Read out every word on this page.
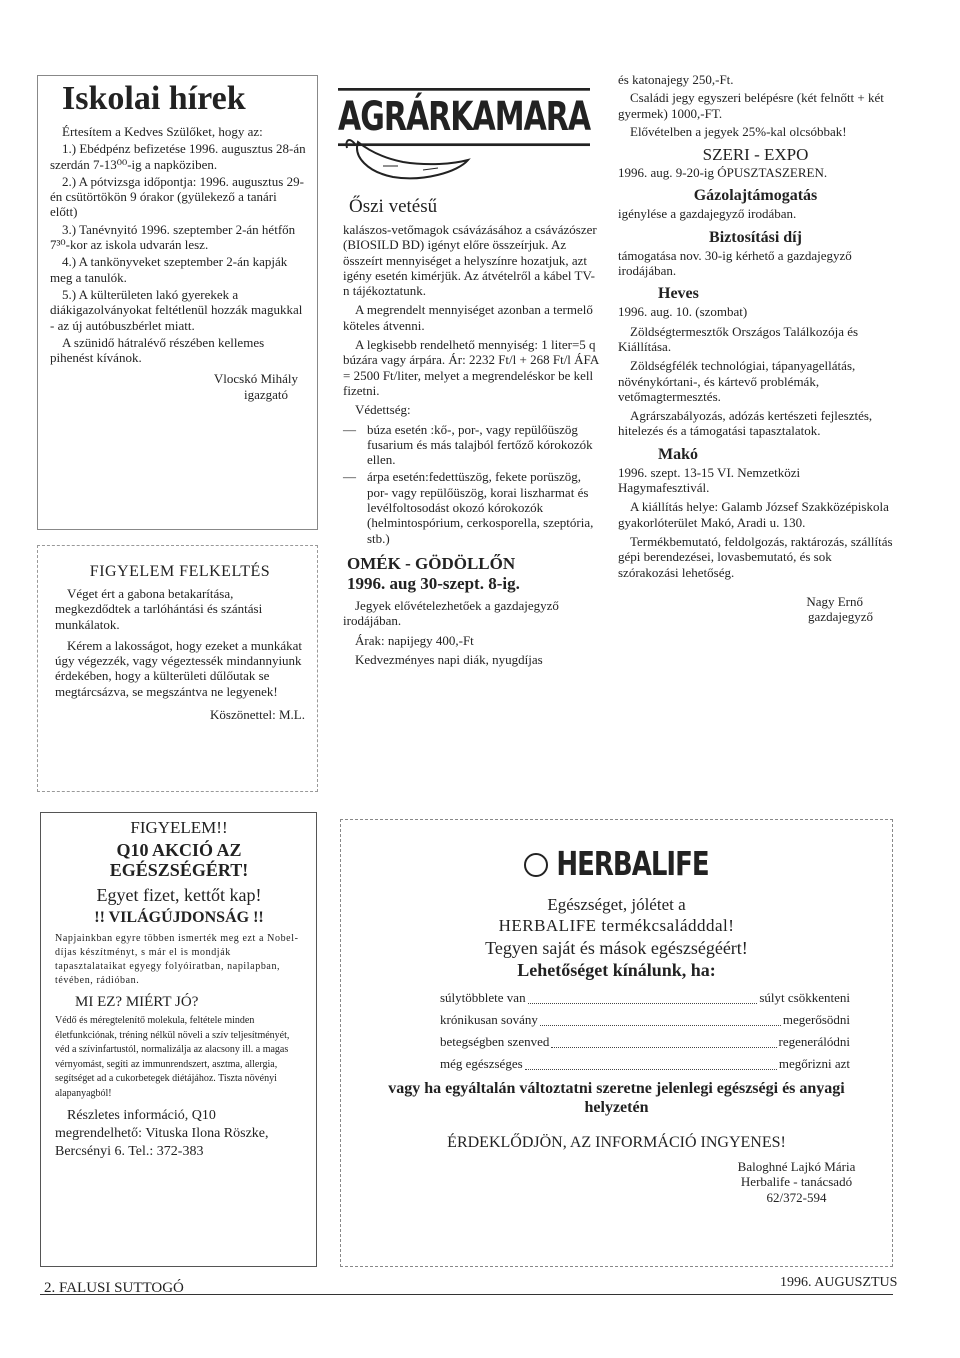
Iskolai hírek

Értesítem a Kedves Szülőket, hogy az:

1.) Ebédpénz befizetése 1996. augusztus 28-án szerdán 7-13⁰⁰-ig a napköziben.

2.) A pótvizsga időpontja: 1996. augusztus 29-én csütörtökön 9 órakor (gyülekező a tanári előtt)

3.) Tanévnyitó 1996. szeptember 2-án hétfőn 7³⁰-kor az iskola udvarán lesz.

4.) A tankönyveket szeptember 2-án kapják meg a tanulók.

5.) A külterületen lakó gyerekek a diákigazolványokat feltétlenül hozzák magukkal - az új autóbuszbérlet miatt.

A szünidő hátralévő részében kellemes pihenést kívánok.

Vlocskó Mihály

igazgató

FIGYELEM FELKELTÉS

Véget ért a gabona betakarítása, megkezdődtek a tarlóhántási és szántási munkálatok.

Kérem a lakosságot, hogy ezeket a munkákat úgy végezzék, vagy végeztessék mindannyiunk érdekében, hogy a külterületi dűlőutak se megtárcsázva, se megszántva ne legyenek!

Köszönettel: M.L.

AGRÁRKAMARA
Őszi vetésű

kalászos-vetőmagok csávázásához a csávázószer (BIOSILD BD) igényt előre összeírjuk. Az összeírt mennyiséget a helyszínre hozatjuk, azt igény esetén kimérjük. Az átvételről a kábel TV-n tájékoztatunk.

A megrendelt mennyiséget azonban a termelő köteles átvenni.

A legkisebb rendelhető mennyiség: 1 liter=5 q búzára vagy árpára. Ár: 2232 Ft/l + 268 Ft/l ÁFA = 2500 Ft/liter, melyet a megrendeléskor be kell fizetni.

Védettség:

— búza esetén :kő-, por-, vagy repülőüszög fusarium és más talajból fertőző kórokozók ellen.
— árpa esetén:fedettüszög, fekete porüszög, por- vagy repülőüszög, korai liszharmat és levélfoltosodást okozó kórokozók (helmintospórium, cerkosporella, szeptória, stb.)
OMÉK - GÖDÖLLŐN
1996. aug 30-szept. 8-ig.

Jegyek elővételezhetőek a gazdajegyző irodájában.

Árak: napijegy 400,-Ft

Kedvezményes napi diák, nyugdíjas

és katonajegy 250,-Ft.

Családi jegy egyszeri belépésre (két felnőtt + két gyermek) 1000,-FT.

Elővételben a jegyek 25%-kal olcsóbbak!

SZERI - EXPO

1996. aug. 9-20-ig ÓPUSZTASZEREN.

Gázolajtámogatás

igénylése a gazdajegyző irodában.

Biztosítási díj

támogatása nov. 30-ig kérhető a gazdajegyző irodájában.

Heves

1996. aug. 10. (szombat)

Zöldségtermesztők Országos Találkozója és Kiállítása.

Zöldségfélék technológiai, tápanyagellátás, növénykórtani-, és kártevő problémák, vetőmagtermesztés.

Agrárszabályozás, adózás kertészeti fejlesztés, hitelezés és a támogatási tapasztalatok.

Makó

1996. szept. 13-15 VI. Nemzetközi Hagymafesztivál.

A kiállítás helye: Galamb József Szakközépiskola gyakorlóterület Makó, Aradi u. 130.

Termékbemutató, feldolgozás, raktározás, szállítás gépi berendezései, lovasbemutató, és sok szórakozási lehetőség.

Nagy Ernő

gazdajegyző

FIGYELEM!!
Q10 AKCIÓ AZ EGÉSZSÉGÉRT!
Egyet fizet, kettőt kap!
!! VILÁGÚJDONSÁG !!

Napjainkban egyre többen ismerték meg ezt a Nobel-díjas készítményt, s már el is mondják tapasztalataikat egyegy folyóiratban, napilapban, tévében, rádióban.

MI EZ? MIÉRT JÓ?

Védő és méregtelenítő molekula, feltétele minden életfunkciónak, tréning nélkül növeli a szív teljesítményét, véd a szívinfartustól, normalizálja az alacsony ill. a magas vérnyomást, segíti az immunrendszert, asztma, allergia, segítséget ad a cukorbetegek diétájához. Tiszta növényi alapanyagból!

Részletes információ, Q10 megrendelhető: Vituska Ilona Röszke, Bercsényi 6. Tel.: 372-383

HERBALIFE
Egészséget, jólétet a
HERBALIFE termékcsaládddal!
Tegyen saját és mások egészségéért!
Lehetőséget kínálunk, ha:
súlytöbblete van	súlyt csökkenteni
krónikusan sovány	megerősödni
betegségben szenved	regenerálódni
még egészséges	megőrizni azt
vagy ha egyáltalán változtatni szeretne jelenlegi egészségi és anyagi helyzetén
ÉRDEKLŐDJÖN, AZ INFORMÁCIÓ INGYENES!

Baloghné Lajkó Mária

Herbalife - tanácsadó

62/372-594

2. FALUSI SUTTOGÓ	1996. AUGUSZTUS
